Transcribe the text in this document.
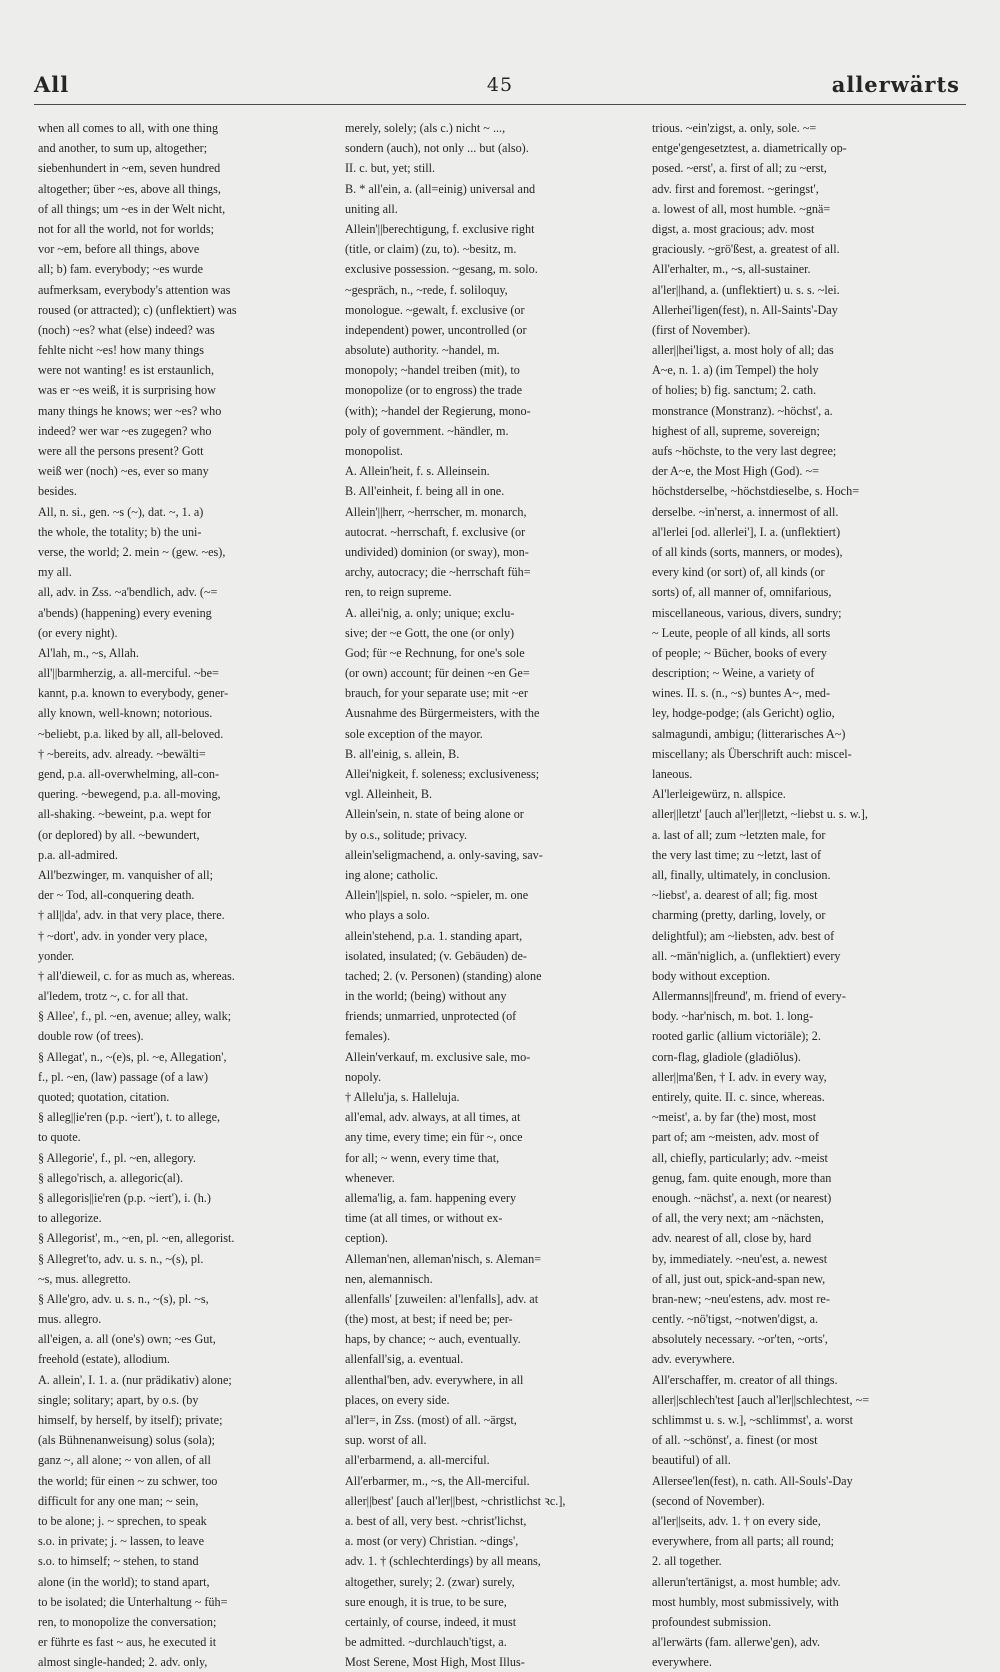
All	45	allerwärts
when all comes to all, with one thing
and another, to sum up, altogether;
siebenhundert in ~em, seven hundred
altogether; über ~es, above all things,
of all things; um ~es in der Welt nicht,
not for all the world, not for worlds;
vor ~em, before all things, above
all; b) fam. everybody; ~es wurde
aufmerksam, everybody's attention was
roused (or attracted); c) (unflektiert) was
(noch) ~es? what (else) indeed? was
fehlte nicht ~es! how many things
were not wanting! es ist erstaunlich,
was er ~es weiß, it is surprising how
many things he knows; wer ~es? who
indeed? wer war ~es zugegen? who
were all the persons present? Gott
weiß wer (noch) ~es, ever so many
besides.
All, n. si., gen. ~s (~), dat. ~, 1. a)
the whole, the totality; b) the uni-
verse, the world; 2. mein ~ (gew. ~es),
my all.
all, adv. in Zss. ~a'bendlich, adv. (~=
a'bends) (happening) every evening
(or every night).
Al'lah, m., ~s, Allah.
all'||barmherzig, a. all-merciful. ~be=
kannt, p.a. known to everybody, gener-
ally known, well-known; notorious.
~beliebt, p.a. liked by all, all-beloved.
† ~bereits, adv. already. ~bewälti=
gend, p.a. all-overwhelming, all-con-
quering. ~bewegend, p.a. all-moving,
all-shaking. ~beweint, p.a. wept for
(or deplored) by all. ~bewundert,
p.a. all-admired.
All'bezwinger, m. vanquisher of all;
der ~ Tod, all-conquering death.
† all||da', adv. in that very place, there.
† ~dort', adv. in yonder very place,
yonder.
† all'dieweil, c. for as much as, whereas.
al'ledem, trotz ~, c. for all that.
§ Allee', f., pl. ~en, avenue; alley, walk;
double row (of trees).
§ Allegat', n., ~(e)s, pl. ~e, Allegation',
f., pl. ~en, (law) passage (of a law)
quoted; quotation, citation.
§ alleg||ie'ren (p.p. ~iert'), t. to allege,
to quote.
§ Allegorie', f., pl. ~en, allegory.
§ allego'risch, a. allegoric(al).
§ allegoris||ie'ren (p.p. ~iert'), i. (h.)
to allegorize.
§ Allegorist', m., ~en, pl. ~en, allegorist.
§ Allegret'to, adv. u. s. n., ~(s), pl.
~s, mus. allegretto.
§ Alle'gro, adv. u. s. n., ~(s), pl. ~s,
mus. allegro.
all'eigen, a. all (one's) own; ~es Gut,
freehold (estate), allodium.
A. allein', I. 1. a. (nur prädikativ) alone;
single; solitary; apart, by o.s. (by
himself, by herself, by itself); private;
(als Bühnenanweisung) solus (sola);
ganz ~, all alone; ~ von allen, of all
the world; für einen ~ zu schwer, too
difficult for any one man; ~ sein,
to be alone; j. ~ sprechen, to speak
s.o. in private; j. ~ lassen, to leave
s.o. to himself; ~ stehen, to stand
alone (in the world); to stand apart,
to be isolated; die Unterhaltung ~ füh=
ren, to monopolize the conversation;
er führte es fast ~ aus, he executed it
almost single-handed; 2. adv. only,
merely, solely; (als c.) nicht ~ ...,
sondern (auch), not only ... but (also).
II. c. but, yet; still.
B. * all'ein, a. (all=einig) universal and
uniting all.
Allein'||berechtigung, f. exclusive right
(title, or claim) (zu, to). ~besitz, m.
exclusive possession. ~gesang, m. solo.
~gespräch, n., ~rede, f. soliloquy,
monologue. ~gewalt, f. exclusive (or
independent) power, uncontrolled (or
absolute) authority. ~handel, m.
monopoly; ~handel treiben (mit), to
monopolize (or to engross) the trade
(with); ~handel der Regierung, mono-
poly of government. ~händler, m.
monopolist.
A. Allein'heit, f. s. Alleinsein.
B. All'einheit, f. being all in one.
Allein'||herr, ~herrscher, m. monarch,
autocrat. ~herrschaft, f. exclusive (or
undivided) dominion (or sway), mon-
archy, autocracy; die ~herrschaft füh=
ren, to reign supreme.
A. allei'nig, a. only; unique; exclu-
sive; der ~e Gott, the one (or only)
God; für ~e Rechnung, for one's sole
(or own) account; für deinen ~en Ge=
brauch, for your separate use; mit ~er
Ausnahme des Bürgermeisters, with the
sole exception of the mayor.
B. all'einig, s. allein, B.
Allei'nigkeit, f. soleness; exclusiveness;
vgl. Alleinheit, B.
Allein'sein, n. state of being alone or
by o.s., solitude; privacy.
allein'seligmachend, a. only-saving, sav-
ing alone; catholic.
Allein'||spiel, n. solo. ~spieler, m. one
who plays a solo.
allein'stehend, p.a. 1. standing apart,
isolated, insulated; (v. Gebäuden) de-
tached; 2. (v. Personen) (standing) alone
in the world; (being) without any
friends; unmarried, unprotected (of
females).
Allein'verkauf, m. exclusive sale, mo-
nopoly.
† Allelu'ja, s. Halleluja.
all'emal, adv. always, at all times, at
any time, every time; ein für ~, once
for all; ~ wenn, every time that,
whenever.
allema'lig, a. fam. happening every
time (at all times, or without ex-
ception).
Alleman'nen, alleman'nisch, s. Aleman=
nen, alemannisch.
allenfalls' [zuweilen: al'lenfalls], adv. at
(the) most, at best; if need be; per-
haps, by chance; ~ auch, eventually.
allenfall'sig, a. eventual.
allenthal'ben, adv. everywhere, in all
places, on every side.
al'ler=, in Zss. (most) of all. ~ärgst,
sup. worst of all.
all'erbarmend, a. all-merciful.
All'erbarmer, m., ~s, the All-merciful.
aller||best' [auch al'ler||best, ~christlichst ꝛc.],
a. best of all, very best. ~christ'lichst,
a. most (or very) Christian. ~dings',
adv. 1. † (schlechterdings) by all means,
altogether, surely; 2. (zwar) surely,
sure enough, it is true, to be sure,
certainly, of course, indeed, it must
be admitted. ~durchlauch'tigst, a.
Most Serene, Most High, Most Illus-
trious. ~ein'zigst, a. only, sole. ~=
entge'gengesetztest, a. diametrically op-
posed. ~erst', a. first of all; zu ~erst,
adv. first and foremost. ~geringst',
a. lowest of all, most humble. ~gnä=
digst, a. most gracious; adv. most
graciously. ~grö'ßest, a. greatest of all.
All'erhalter, m., ~s, all-sustainer.
al'ler||hand, a. (unflektiert) u. s. s. ~lei.
Allerhei'ligen(fest), n. All-Saints'-Day
(first of November).
aller||hei'ligst, a. most holy of all; das
A~e, n. 1. a) (im Tempel) the holy
of holies; b) fig. sanctum; 2. cath.
monstrance (Monstranz). ~höchst', a.
highest of all, supreme, sovereign;
aufs ~höchste, to the very last degree;
der A~e, the Most High (God). ~=
höchstderselbe, ~höchstdieselbe, s. Hoch=
derselbe. ~in'nerst, a. innermost of all.
al'lerlei [od. allerlei'], I. a. (unflektiert)
of all kinds (sorts, manners, or modes),
every kind (or sort) of, all kinds (or
sorts) of, all manner of, omnifarious,
miscellaneous, various, divers, sundry;
~ Leute, people of all kinds, all sorts
of people; ~ Bücher, books of every
description; ~ Weine, a variety of
wines. II. s. (n., ~s) buntes A~, med-
ley, hodge-podge; (als Gericht) oglio,
salmagundi, ambigu; (litterarisches A~)
miscellany; als Überschrift auch: miscel-
laneous.
Al'lerleigewürz, n. allspice.
aller||letzt' [auch al'ler||letzt, ~liebst u. s. w.],
a. last of all; zum ~letzten male, for
the very last time; zu ~letzt, last of
all, finally, ultimately, in conclusion.
~liebst', a. dearest of all; fig. most
charming (pretty, darling, lovely, or
delightful); am ~liebsten, adv. best of
all. ~män'niglich, a. (unflektiert) every
body without exception.
Allermanns||freund', m. friend of every-
body. ~har'nisch, m. bot. 1. long-
rooted garlic (allium victoriāle); 2.
corn-flag, gladiole (gladiŏlus).
aller||ma'ßen, † I. adv. in every way,
entirely, quite. II. c. since, whereas.
~meist', a. by far (the) most, most
part of; am ~meisten, adv. most of
all, chiefly, particularly; adv. ~meist
genug, fam. quite enough, more than
enough. ~nächst', a. next (or nearest)
of all, the very next; am ~nächsten,
adv. nearest of all, close by, hard
by, immediately. ~neu'est, a. newest
of all, just out, spick-and-span new,
bran-new; ~neu'estens, adv. most re-
cently. ~nö'tigst, ~notwen'digst, a.
absolutely necessary. ~or'ten, ~orts',
adv. everywhere.
All'erschaffer, m. creator of all things.
aller||schlech'test [auch al'ler||schlechtest, ~=
schlimmst u. s. w.], ~schlimmst', a. worst
of all. ~schönst', a. finest (or most
beautiful) of all.
Allersee'len(fest), n. cath. All-Souls'-Day
(second of November).
al'ler||seits, adv. 1. † on every side,
everywhere, from all parts; all round;
2. all together.
allerun'tertänigst, a. most humble; adv.
most humbly, most submissively, with
profoundest submission.
al'lerwärts (fam. allerwe'gen), adv.
everywhere.
